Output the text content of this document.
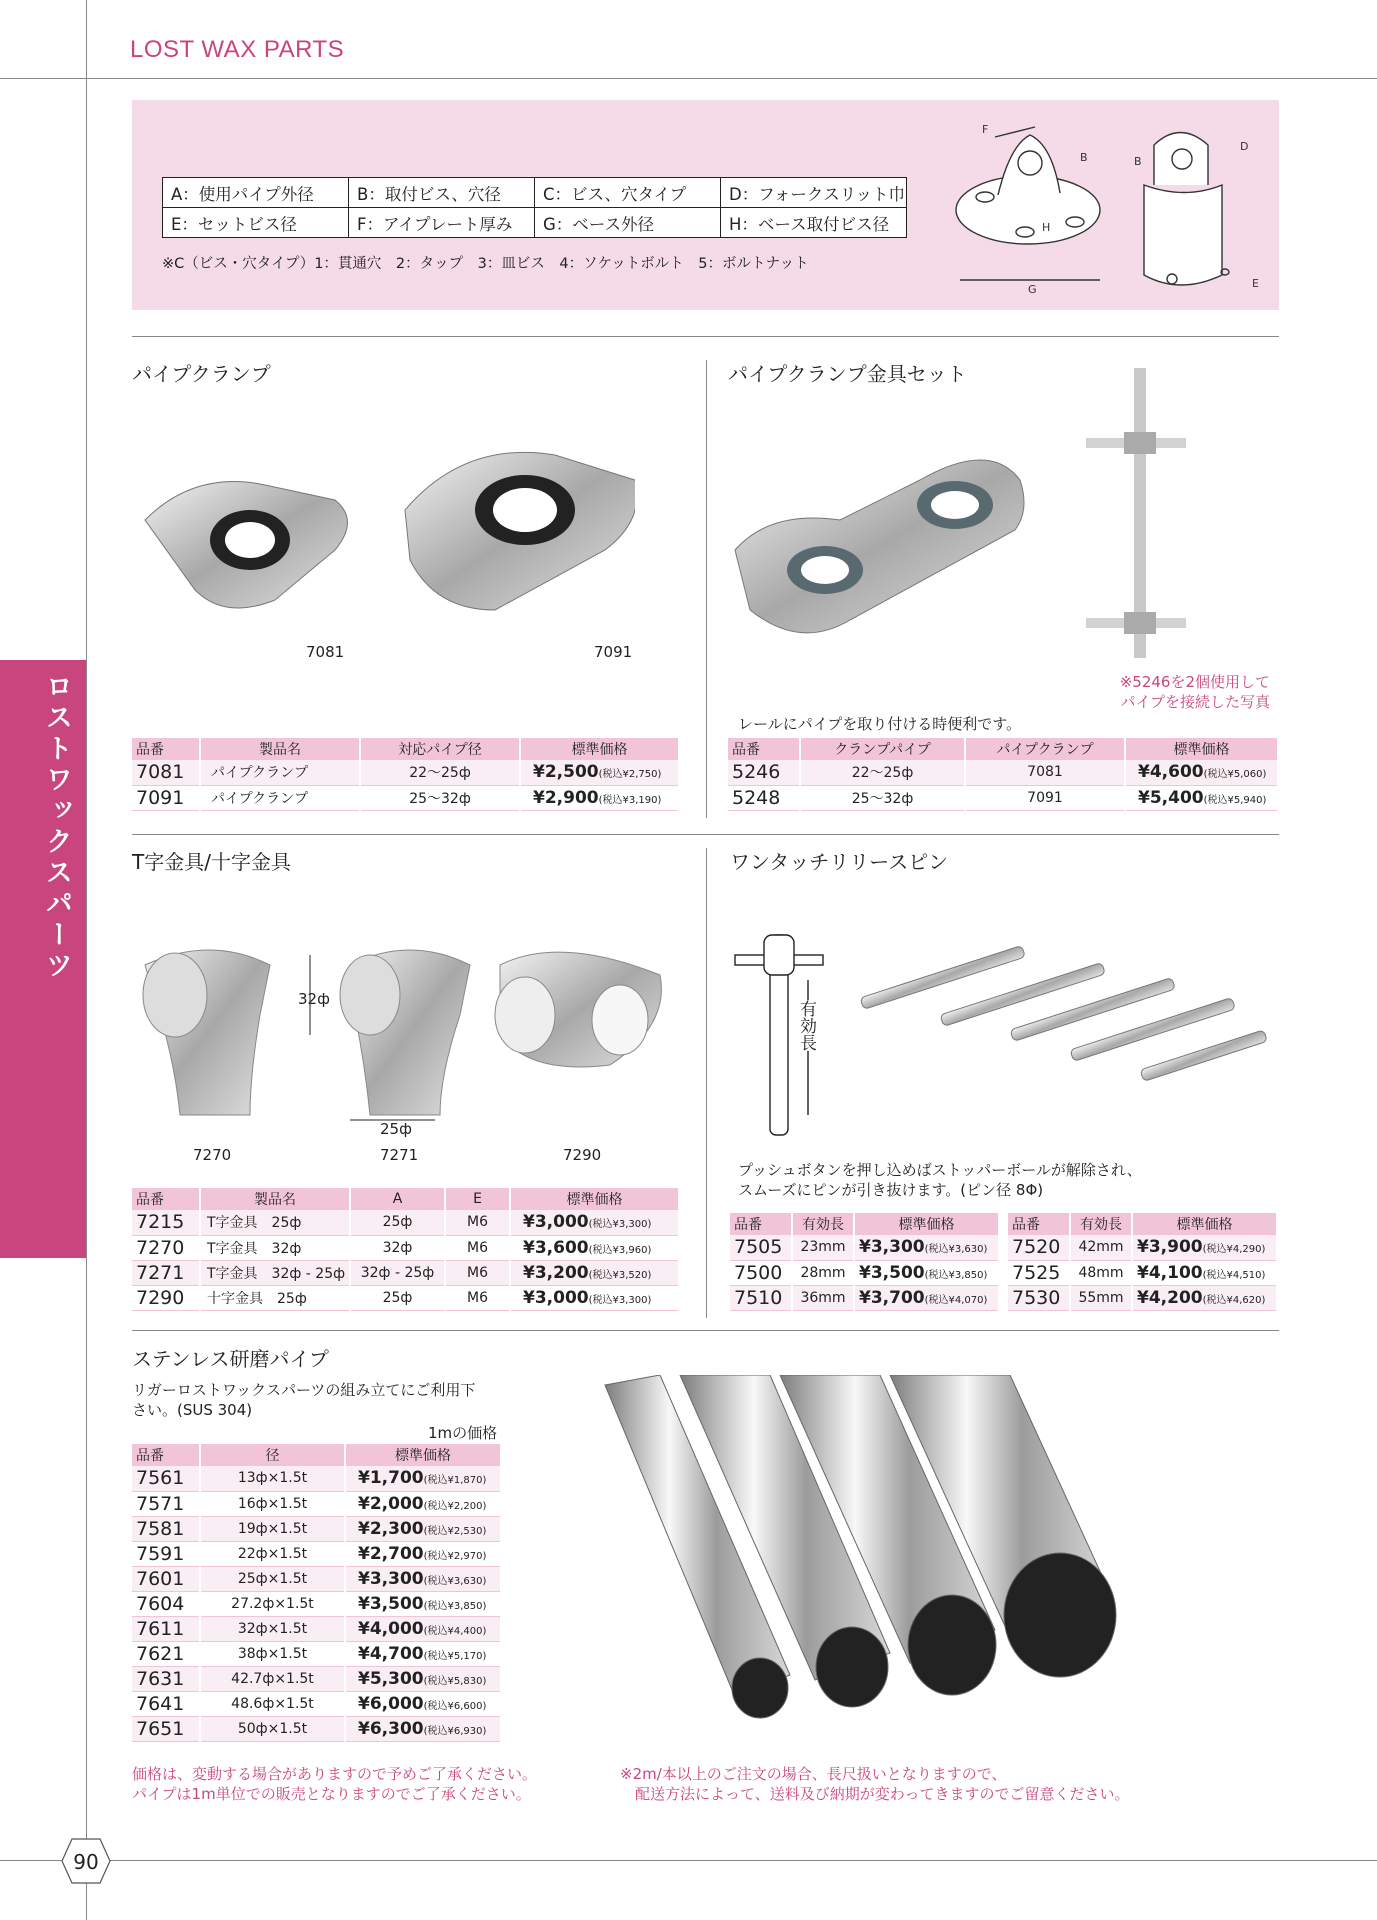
LOST WAX PARTS
ロストワックスパーツ
A：使用パイプ外径	B：取付ビス、穴径	C：ビス、穴タイプ	D：フォークスリット巾
E：セットビス径	F：アイプレート厚み	G：ベース外径	H：ベース取付ビス径
※C（ビス・穴タイプ）1：貫通穴　2：タップ　3：皿ビス　4：ソケットボルト　5：ボルトナット
F
B
H
G
B
D
E
パイプクランプ
7081	7091
品番	製品名	対応パイプ径	標準価格
7081	パイプクランプ	22〜25ф	¥2,500(税込¥2,750)
7091	パイプクランプ	25〜32ф	¥2,900(税込¥3,190)
パイプクランプ金具セット
※5246を2個使用して
パイプを接続した写真
レールにパイプを取り付ける時便利です。
品番	クランプパイプ	パイプクランプ	標準価格
5246	22〜25ф	7081	¥4,600(税込¥5,060)
5248	25〜32ф	7091	¥5,400(税込¥5,940)
T字金具/十字金具
32ф
25ф
7270	7271	7290
品番	製品名	A	E	標準価格
7215	T字金具　25ф	25ф	M6	¥3,000(税込¥3,300)
7270	T字金具　32ф	32ф	M6	¥3,600(税込¥3,960)
7271	T字金具　32ф - 25ф	32ф - 25ф	M6	¥3,200(税込¥3,520)
7290	十字金具　25ф	25ф	M6	¥3,000(税込¥3,300)
ワンタッチリリースピン
有効長
プッシュボタンを押し込めばストッパーボールが解除され、
スムーズにピンが引き抜けます。(ピン径 8Φ)
品番	有効長	標準価格
7505	23mm	¥3,300(税込¥3,630)
7500	28mm	¥3,500(税込¥3,850)
7510	36mm	¥3,700(税込¥4,070)
品番	有効長	標準価格
7520	42mm	¥3,900(税込¥4,290)
7525	48mm	¥4,100(税込¥4,510)
7530	55mm	¥4,200(税込¥4,620)
ステンレス研磨パイプ
リガーロストワックスパーツの組み立てにご利用下
さい。(SUS 304)
1mの価格
品番	径	標準価格
7561	13ф×1.5t	¥1,700(税込¥1,870)
7571	16ф×1.5t	¥2,000(税込¥2,200)
7581	19ф×1.5t	¥2,300(税込¥2,530)
7591	22ф×1.5t	¥2,700(税込¥2,970)
7601	25ф×1.5t	¥3,300(税込¥3,630)
7604	27.2ф×1.5t	¥3,500(税込¥3,850)
7611	32ф×1.5t	¥4,000(税込¥4,400)
7621	38ф×1.5t	¥4,700(税込¥5,170)
7631	42.7ф×1.5t	¥5,300(税込¥5,830)
7641	48.6ф×1.5t	¥6,000(税込¥6,600)
7651	50ф×1.5t	¥6,300(税込¥6,930)
価格は、変動する場合がありますので予めご了承ください。
パイプは1m単位での販売となりますのでご了承ください。
※2m/本以上のご注文の場合、長尺扱いとなりますので、
　配送方法によって、送料及び納期が変わってきますのでご留意ください。
90
